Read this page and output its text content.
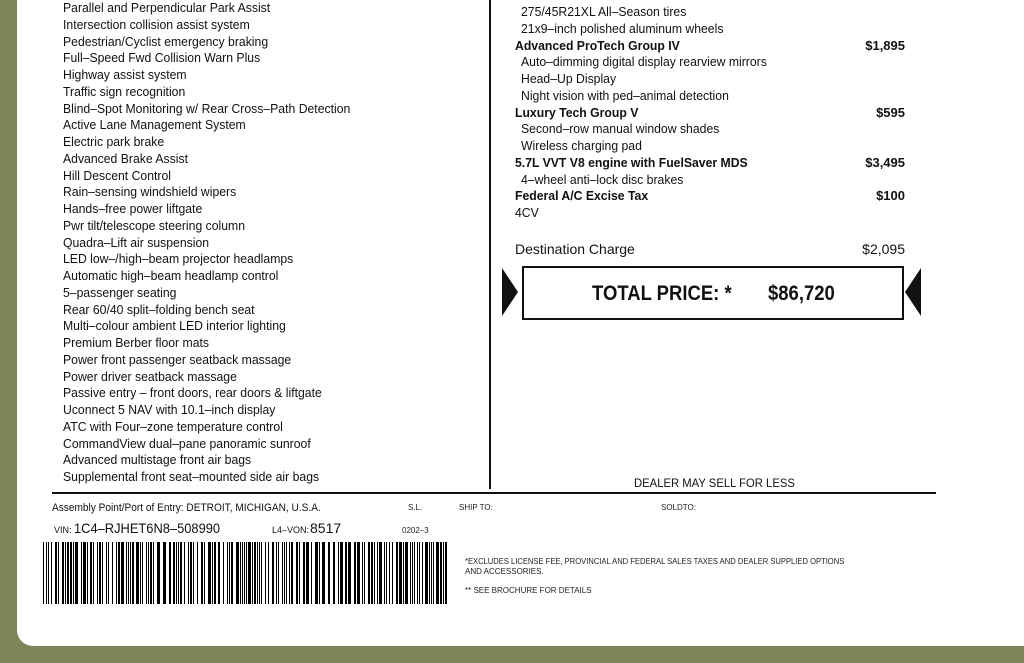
Parallel and Perpendicular Park Assist
Intersection collision assist system
Pedestrian/Cyclist emergency braking
Full–Speed Fwd Collision Warn Plus
Highway assist system
Traffic sign recognition
Blind–Spot Monitoring w/ Rear Cross–Path Detection
Active Lane Management System
Electric park brake
Advanced Brake Assist
Hill Descent Control
Rain–sensing windshield wipers
Hands–free power liftgate
Pwr tilt/telescope steering column
Quadra–Lift air suspension
LED low–/high–beam projector headlamps
Automatic high–beam headlamp control
5–passenger seating
Rear 60/40 split–folding bench seat
Multi–colour ambient LED interior lighting
Premium Berber floor mats
Power front passenger seatback massage
Power driver seatback massage
Passive entry – front doors, rear doors & liftgate
Uconnect 5 NAV with 10.1–inch display
ATC with Four–zone temperature control
CommandView dual–pane panoramic sunroof
Advanced multistage front air bags
Supplemental front seat–mounted side air bags
275/45R21XL All–Season tires
21x9–inch polished aluminum wheels
Advanced ProTech Group IV	$1,895
Auto–dimming digital display rearview mirrors
Head–Up Display
Night vision with ped–animal detection
Luxury Tech Group V	$595
Second–row manual window shades
Wireless charging pad
5.7L VVT V8 engine with FuelSaver MDS	$3,495
4–wheel anti–lock disc brakes
Federal A/C Excise Tax	$100
4CV
Destination Charge	$2,095
TOTAL PRICE: * $86,720
DEALER MAY SELL FOR LESS
Assembly Point/Port of Entry: DETROIT, MICHIGAN, U.S.A.	S.L.	SHIP TO:	SOLDTO:
VIN: 1C4–RJHET6N8–508990	L4–VON: 8517	0202–3
*EXCLUDES LICENSE FEE, PROVINCIAL AND FEDERAL SALES TAXES AND DEALER SUPPLIED OPTIONS
AND ACCESSORIES.
** SEE BROCHURE FOR DETAILS
